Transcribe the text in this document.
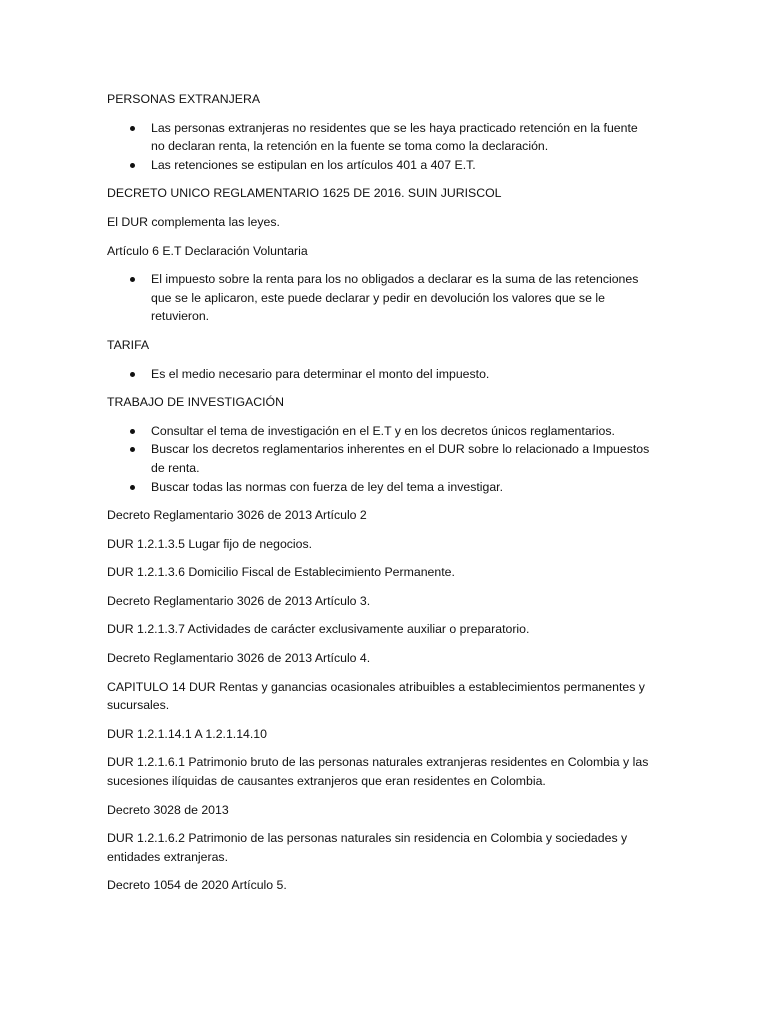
PERSONAS EXTRANJERA

Las personas extranjeras no residentes que se les haya practicado retención en la fuente
no declaran renta, la retención en la fuente se toma como la declaración.
Las retenciones se estipulan en los artículos 401 a 407 E.T.

DECRETO UNICO REGLAMENTARIO 1625 DE 2016. SUIN JURISCOL

El DUR complementa las leyes.

Artículo 6 E.T Declaración Voluntaria

El impuesto sobre la renta para los no obligados a declarar es la suma de las retenciones
que se le aplicaron, este puede declarar y pedir en devolución los valores que se le
retuvieron.

TARIFA

Es el medio necesario para determinar el monto del impuesto.

TRABAJO DE INVESTIGACIÓN

Consultar el tema de investigación en el E.T y en los decretos únicos reglamentarios.
Buscar los decretos reglamentarios inherentes en el DUR sobre lo relacionado a Impuestos
de renta.
Buscar todas las normas con fuerza de ley del tema a investigar.

Decreto Reglamentario 3026 de 2013 Artículo 2

DUR 1.2.1.3.5 Lugar fijo de negocios.

DUR 1.2.1.3.6 Domicilio Fiscal de Establecimiento Permanente.

Decreto Reglamentario 3026 de 2013 Artículo 3.

DUR 1.2.1.3.7 Actividades de carácter exclusivamente auxiliar o preparatorio.

Decreto Reglamentario 3026 de 2013 Artículo 4.

CAPITULO 14 DUR Rentas y ganancias ocasionales atribuibles a establecimientos permanentes y
sucursales.

DUR 1.2.1.14.1 A 1.2.1.14.10

DUR 1.2.1.6.1 Patrimonio bruto de las personas naturales extranjeras residentes en Colombia y las
sucesiones ilíquidas de causantes extranjeros que eran residentes en Colombia.

Decreto 3028 de 2013

DUR 1.2.1.6.2 Patrimonio de las personas naturales sin residencia en Colombia y sociedades y
entidades extranjeras.

Decreto 1054 de 2020 Artículo 5.
